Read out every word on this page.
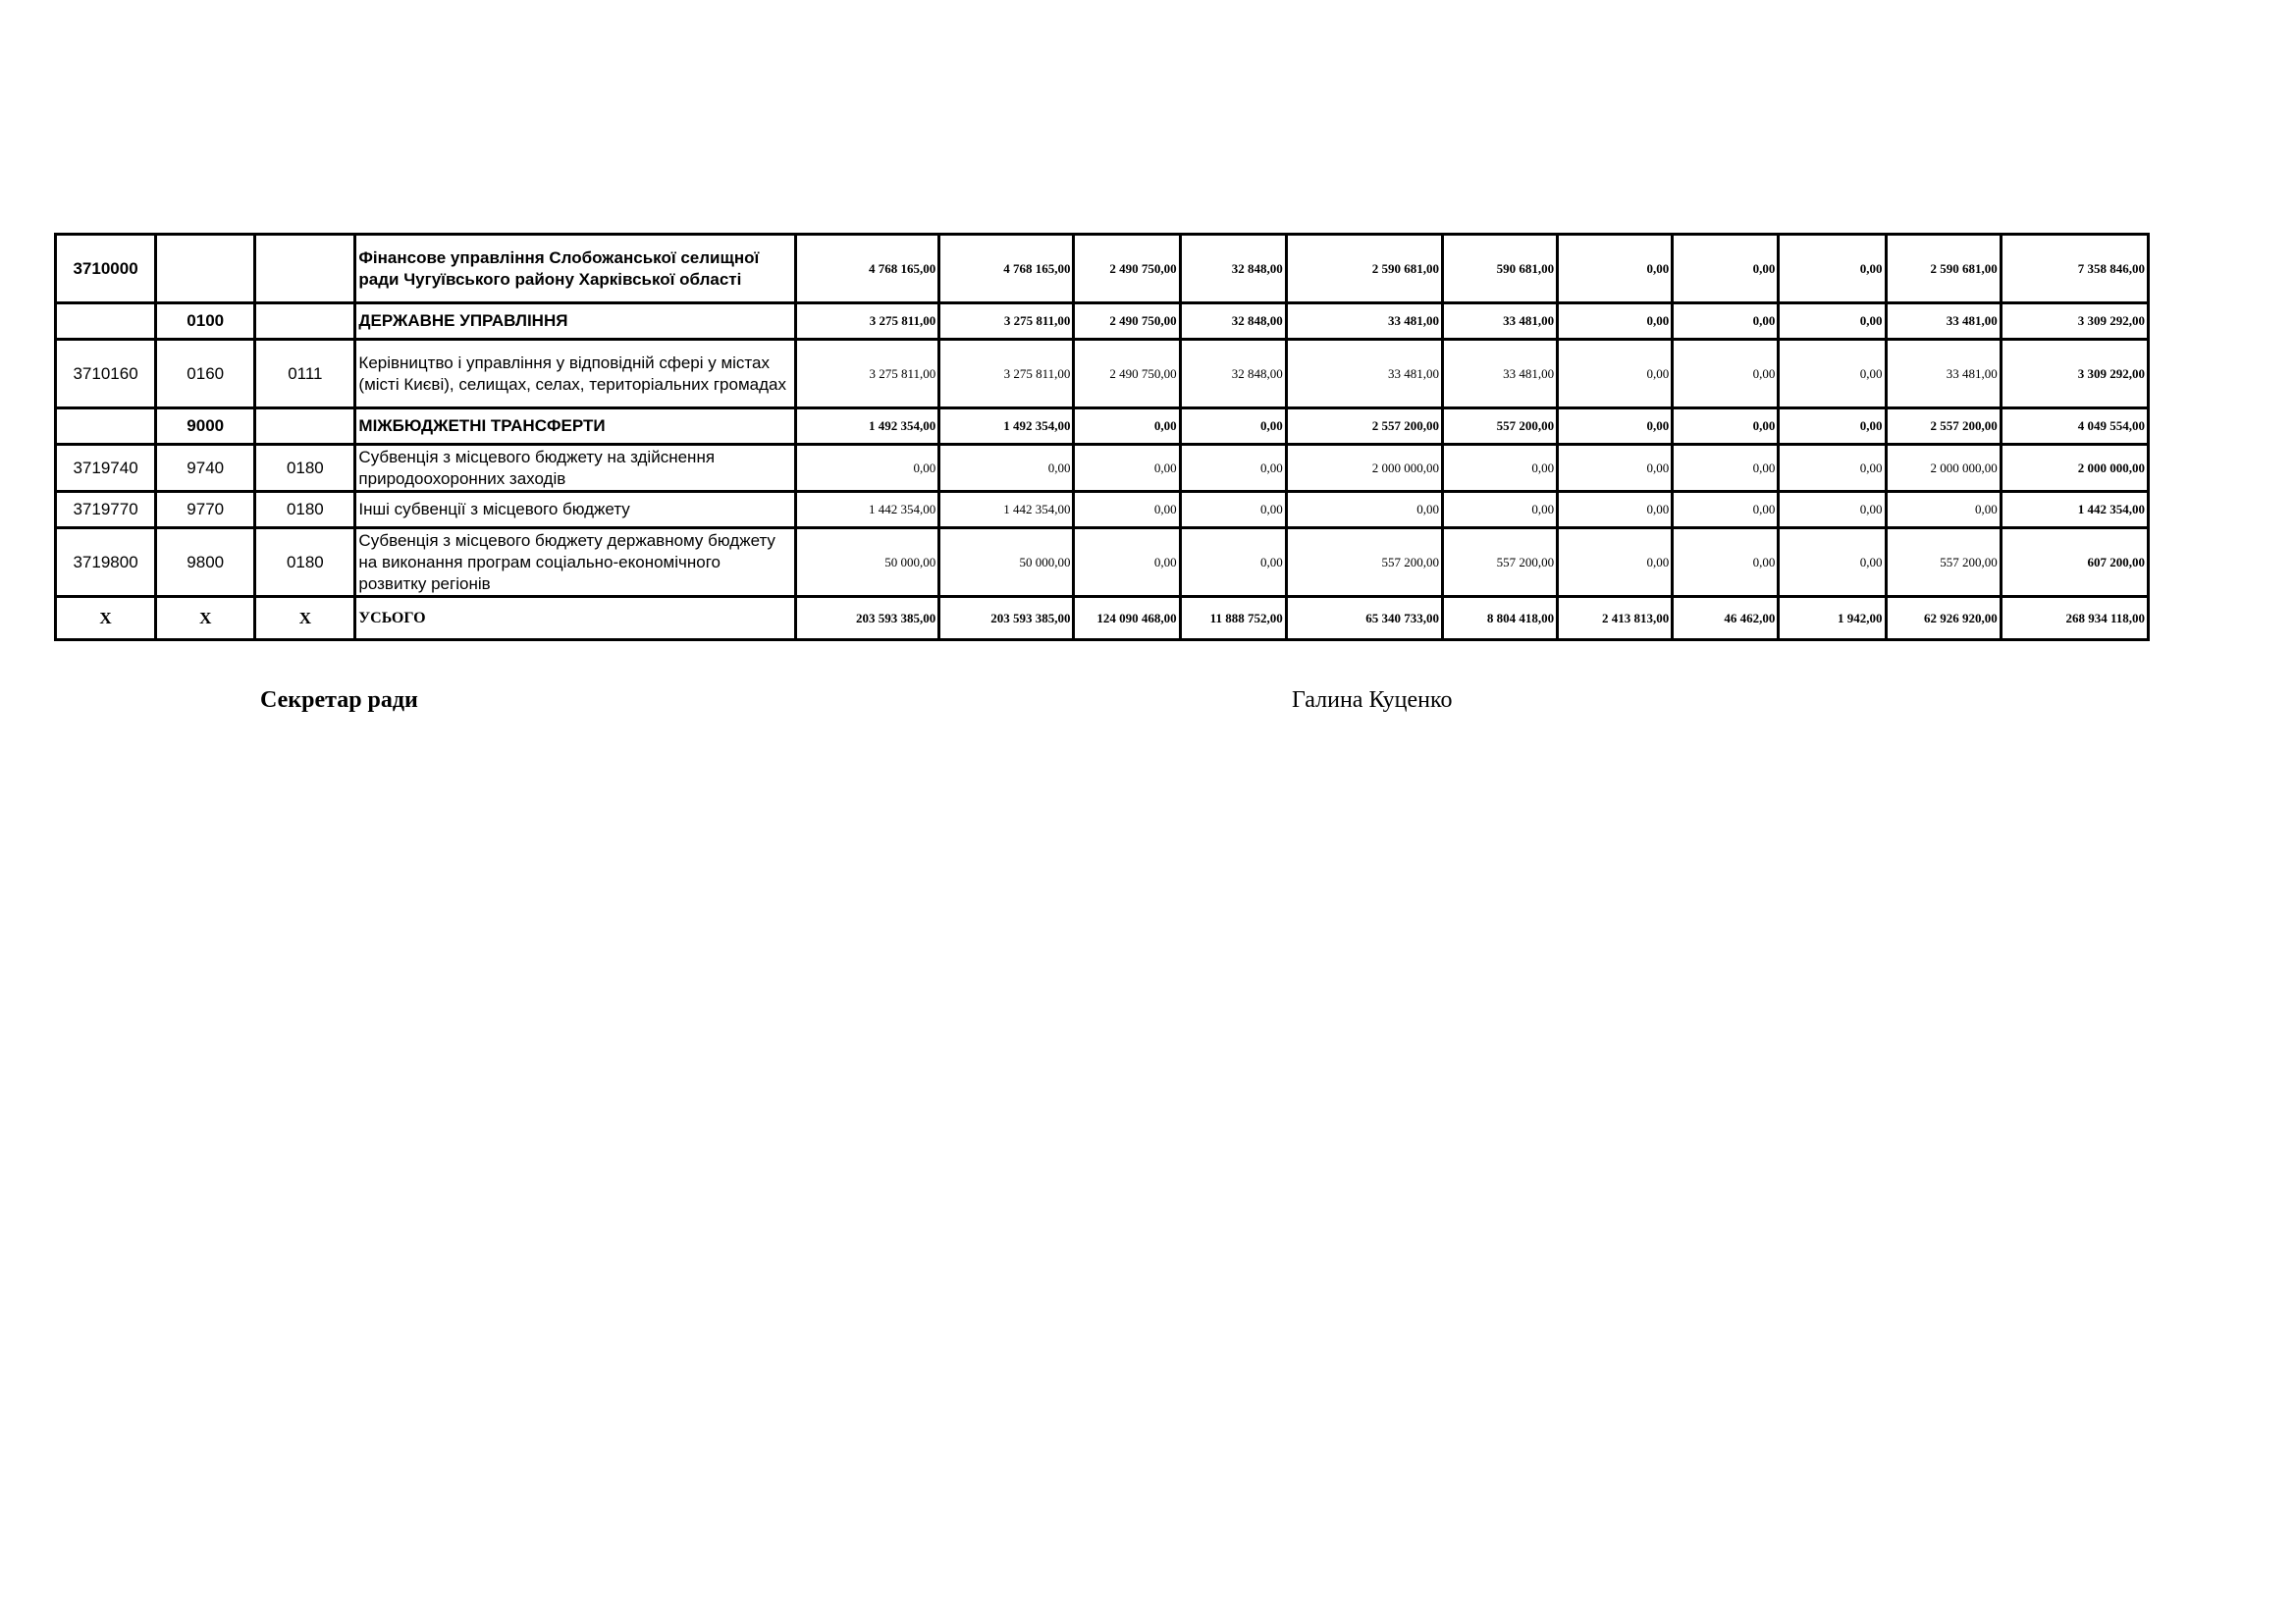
3710000			Фінансове управління Слобожанської селищної ради Чугуївського району Харківської області	4 768 165,00	4 768 165,00	2 490 750,00	32 848,00	2 590 681,00	590 681,00	0,00	0,00	0,00	2 590 681,00	7 358 846,00
	0100		ДЕРЖАВНЕ УПРАВЛІННЯ	3 275 811,00	3 275 811,00	2 490 750,00	32 848,00	33 481,00	33 481,00	0,00	0,00	0,00	33 481,00	3 309 292,00
3710160	0160	0111	Керівництво і управління у відповідній сфері у містах (місті Києві), селищах, селах, територіальних громадах	3 275 811,00	3 275 811,00	2 490 750,00	32 848,00	33 481,00	33 481,00	0,00	0,00	0,00	33 481,00	3 309 292,00
	9000		МІЖБЮДЖЕТНІ ТРАНСФЕРТИ	1 492 354,00	1 492 354,00	0,00	0,00	2 557 200,00	557 200,00	0,00	0,00	0,00	2 557 200,00	4 049 554,00
3719740	9740	0180	Субвенція з місцевого бюджету на здійснення природоохоронних заходів	0,00	0,00	0,00	0,00	2 000 000,00	0,00	0,00	0,00	0,00	2 000 000,00	2 000 000,00
3719770	9770	0180	Інші субвенції з місцевого бюджету	1 442 354,00	1 442 354,00	0,00	0,00	0,00	0,00	0,00	0,00	0,00	0,00	1 442 354,00
3719800	9800	0180	Субвенція з місцевого бюджету державному бюджету на виконання програм соціально-економічного розвитку регіонів	50 000,00	50 000,00	0,00	0,00	557 200,00	557 200,00	0,00	0,00	0,00	557 200,00	607 200,00
X	X	X	УСЬОГО	203 593 385,00	203 593 385,00	124 090 468,00	11 888 752,00	65 340 733,00	8 804 418,00	2 413 813,00	46 462,00	1 942,00	62 926 920,00	268 934 118,00
Секретар ради	Галина Куценко
